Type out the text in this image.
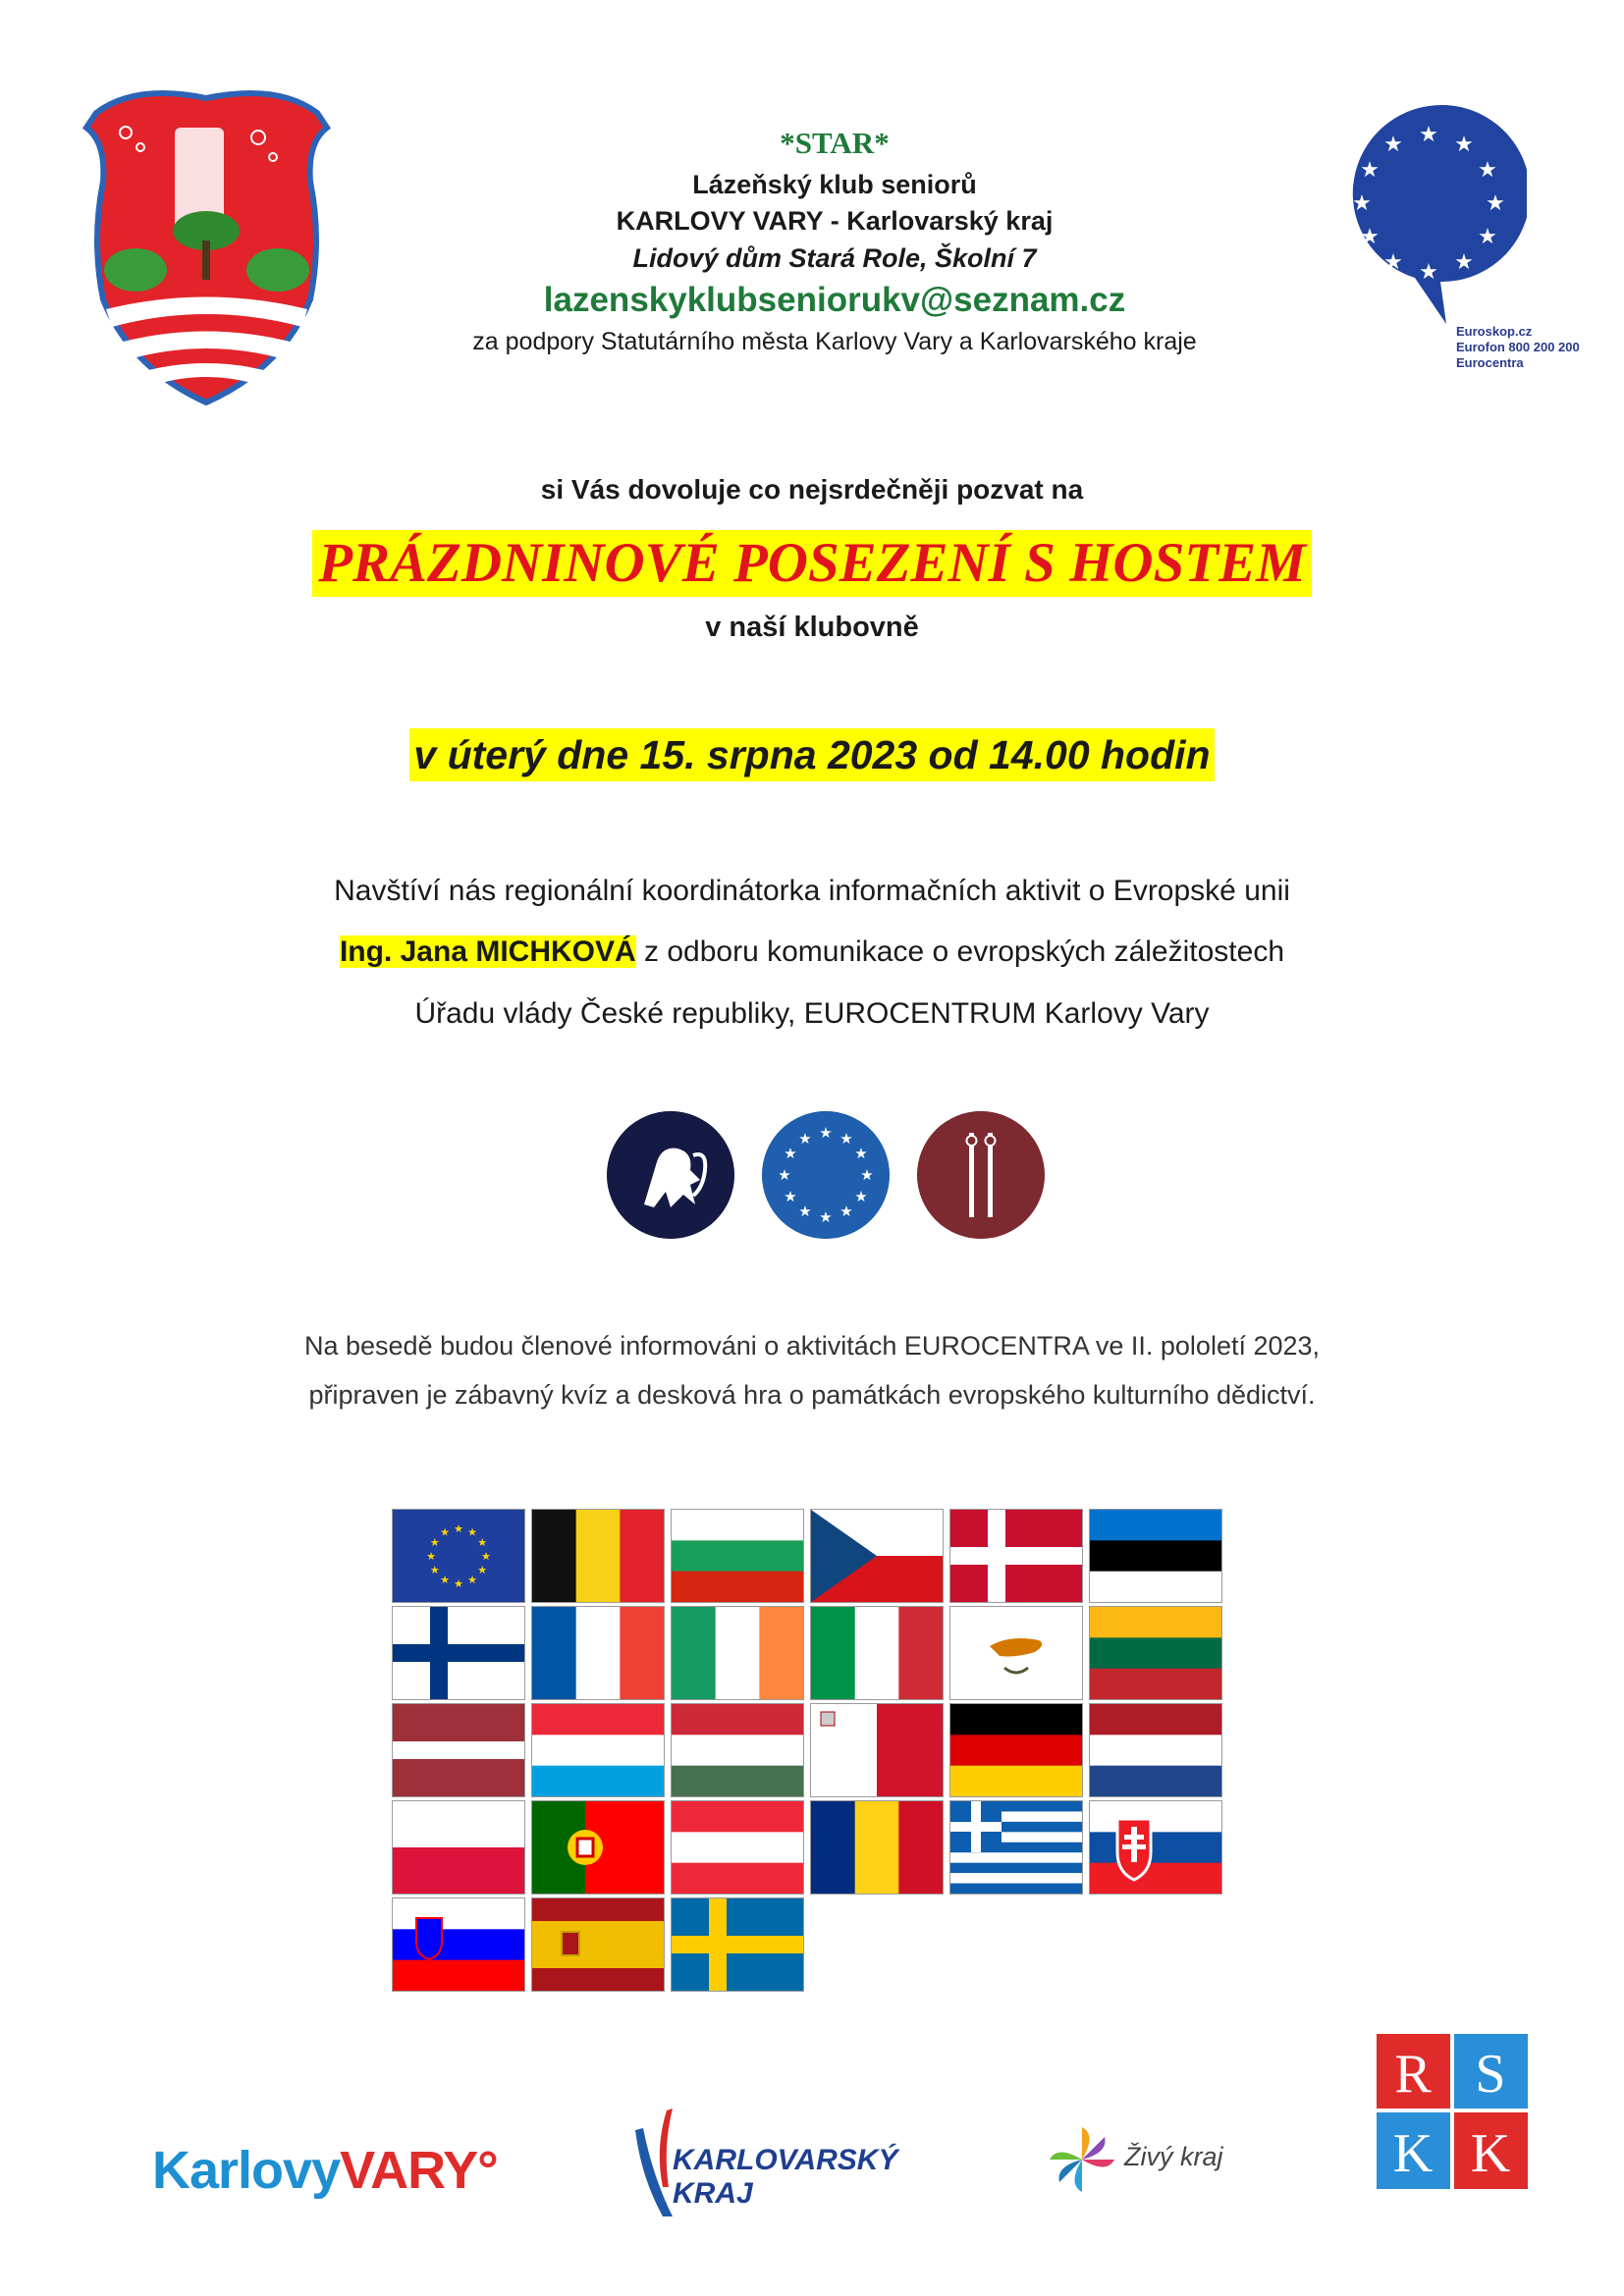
*STAR*
Lázeňský klub seniorů
KARLOVY VARY - Karlovarský kraj
Lidový dům Stará Role, Školní 7
lazenskyklubseniorukv@seznam.cz
za podpory Statutárního města Karlovy Vary a Karlovarského kraje
★ ★
★
★
★
★
★
★
★
★
★
★
Euroskop.cz
Eurofon 800 200 200
Eurocentra
si Vás dovoluje co nejsrdečněji pozvat na
PRÁZDNINOVÉ POSEZENÍ S HOSTEM
v naší klubovně
v úterý dne 15. srpna 2023 od 14.00 hodin
Navštíví nás regionální koordinátorka informačních aktivit o Evropské unii
Ing. Jana MICHKOVÁ z odboru komunikace o evropských záležitostech
Úřadu vlády České republiky, EUROCENTRUM Karlovy Vary
★ ★
★
★
★
★
★
★
★
★
★
★
Na besedě budou členové informováni o aktivitách EUROCENTRA ve II. pololetí 2023,
připraven je zábavný kvíz a desková hra o památkách evropského kulturního dědictví.
★ ★
★
★
★
★
★
★
★
★
★
★
KarlovyVARY°	KARLOVARSKÝ
KRAJ
Živý kraj
R S
K K
